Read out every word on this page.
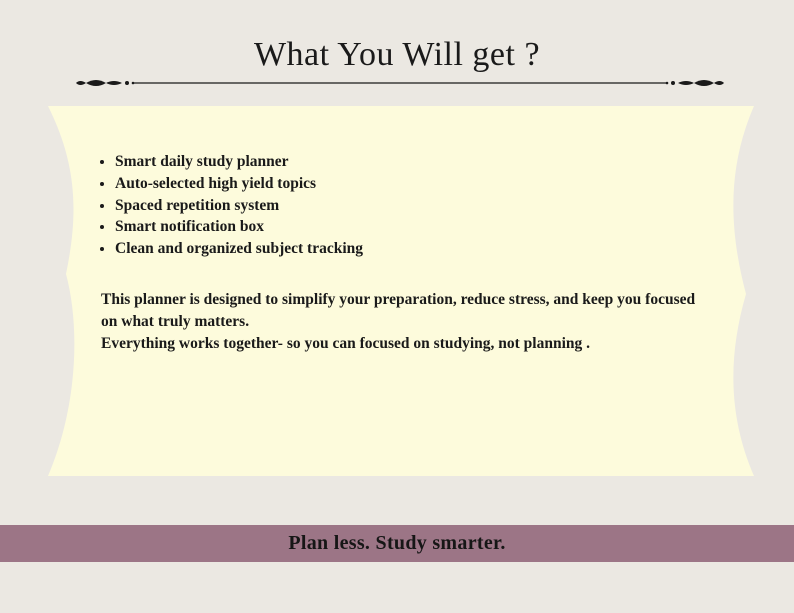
What You Will get ?
• Smart daily study planner
• Auto-selected high yield topics
• Spaced repetition system
• Smart notification box
• Clean and organized subject tracking

This planner is designed to simplify your preparation, reduce stress, and keep you focused on what truly matters.

Everything works together- so you can focused on studying, not planning .

Plan less. Study smarter.
